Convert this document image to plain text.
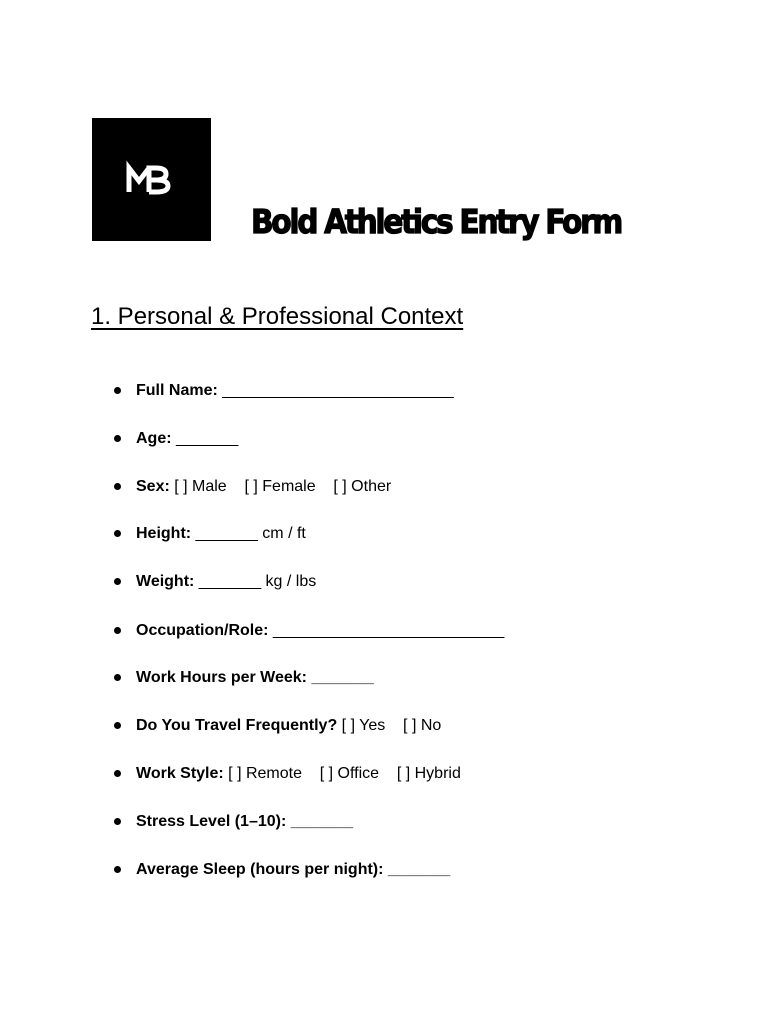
Bold Athletics Entry Form
1. Personal & Professional Context
Full Name: __________________________
Age: _______
Sex: [ ] Male    [ ] Female    [ ] Other
Height: _______ cm / ft
Weight: _______ kg / lbs
Occupation/Role: __________________________
Work Hours per Week: _______
Do You Travel Frequently? [ ] Yes    [ ] No
Work Style: [ ] Remote    [ ] Office    [ ] Hybrid
Stress Level (1–10): _______
Average Sleep (hours per night): _______
